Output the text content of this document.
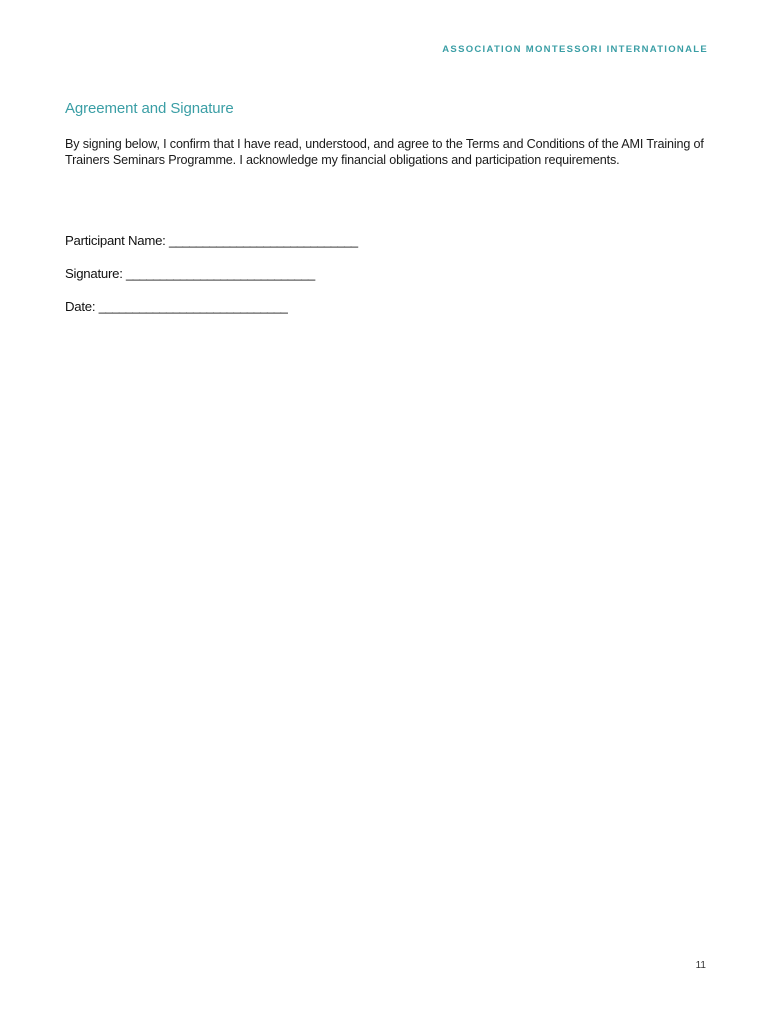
ASSOCIATION MONTESSORI INTERNATIONALE
Agreement and Signature

By signing below, I confirm that I have read, understood, and agree to the Terms and Conditions of the AMI Training of Trainers Seminars Programme. I acknowledge my financial obligations and participation requirements.

Participant Name: ____________________________
Signature: ____________________________
Date: ____________________________
11
